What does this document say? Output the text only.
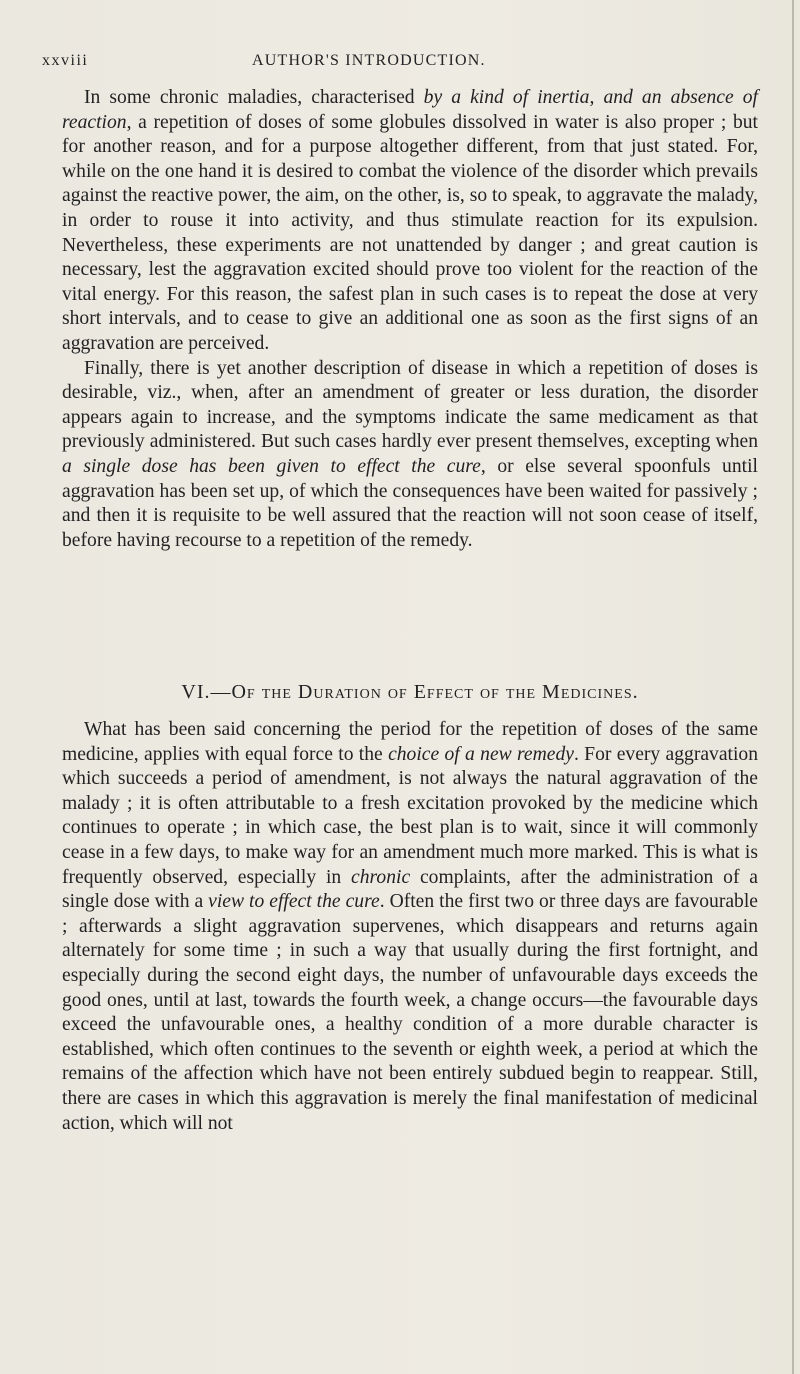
xxviii	AUTHOR'S INTRODUCTION.

In some chronic maladies, characterised by a kind of inertia, and an absence of reaction, a repetition of doses of some globules dissolved in water is also proper ; but for another reason, and for a purpose altogether different, from that just stated. For, while on the one hand it is desired to combat the violence of the disorder which prevails against the reactive power, the aim, on the other, is, so to speak, to aggravate the malady, in order to rouse it into activity, and thus stimulate reaction for its expulsion. Nevertheless, these experiments are not unattended by danger ; and great caution is necessary, lest the aggravation excited should prove too violent for the reaction of the vital energy. For this reason, the safest plan in such cases is to repeat the dose at very short intervals, and to cease to give an additional one as soon as the first signs of an aggravation are perceived.

Finally, there is yet another description of disease in which a repetition of doses is desirable, viz., when, after an amendment of greater or less duration, the disorder appears again to increase, and the symptoms indicate the same medicament as that previously administered. But such cases hardly ever present themselves, excepting when a single dose has been given to effect the cure, or else several spoonfuls until aggravation has been set up, of which the consequences have been waited for passively ; and then it is requisite to be well assured that the reaction will not soon cease of itself, before having recourse to a repetition of the remedy.

VI.—Of the Duration of Effect of the Medicines.

What has been said concerning the period for the repetition of doses of the same medicine, applies with equal force to the choice of a new remedy. For every aggravation which succeeds a period of amendment, is not always the natural aggravation of the malady ; it is often attributable to a fresh excitation provoked by the medicine which continues to operate ; in which case, the best plan is to wait, since it will commonly cease in a few days, to make way for an amendment much more marked. This is what is frequently observed, especially in chronic complaints, after the administration of a single dose with a view to effect the cure. Often the first two or three days are favourable ; afterwards a slight aggravation supervenes, which disappears and returns again alternately for some time ; in such a way that usually during the first fortnight, and especially during the second eight days, the number of unfavourable days exceeds the good ones, until at last, towards the fourth week, a change occurs—the favourable days exceed the unfavourable ones, a healthy condition of a more durable character is established, which often continues to the seventh or eighth week, a period at which the remains of the affection which have not been entirely subdued begin to reappear. Still, there are cases in which this aggravation is merely the final manifestation of medicinal action, which will not
